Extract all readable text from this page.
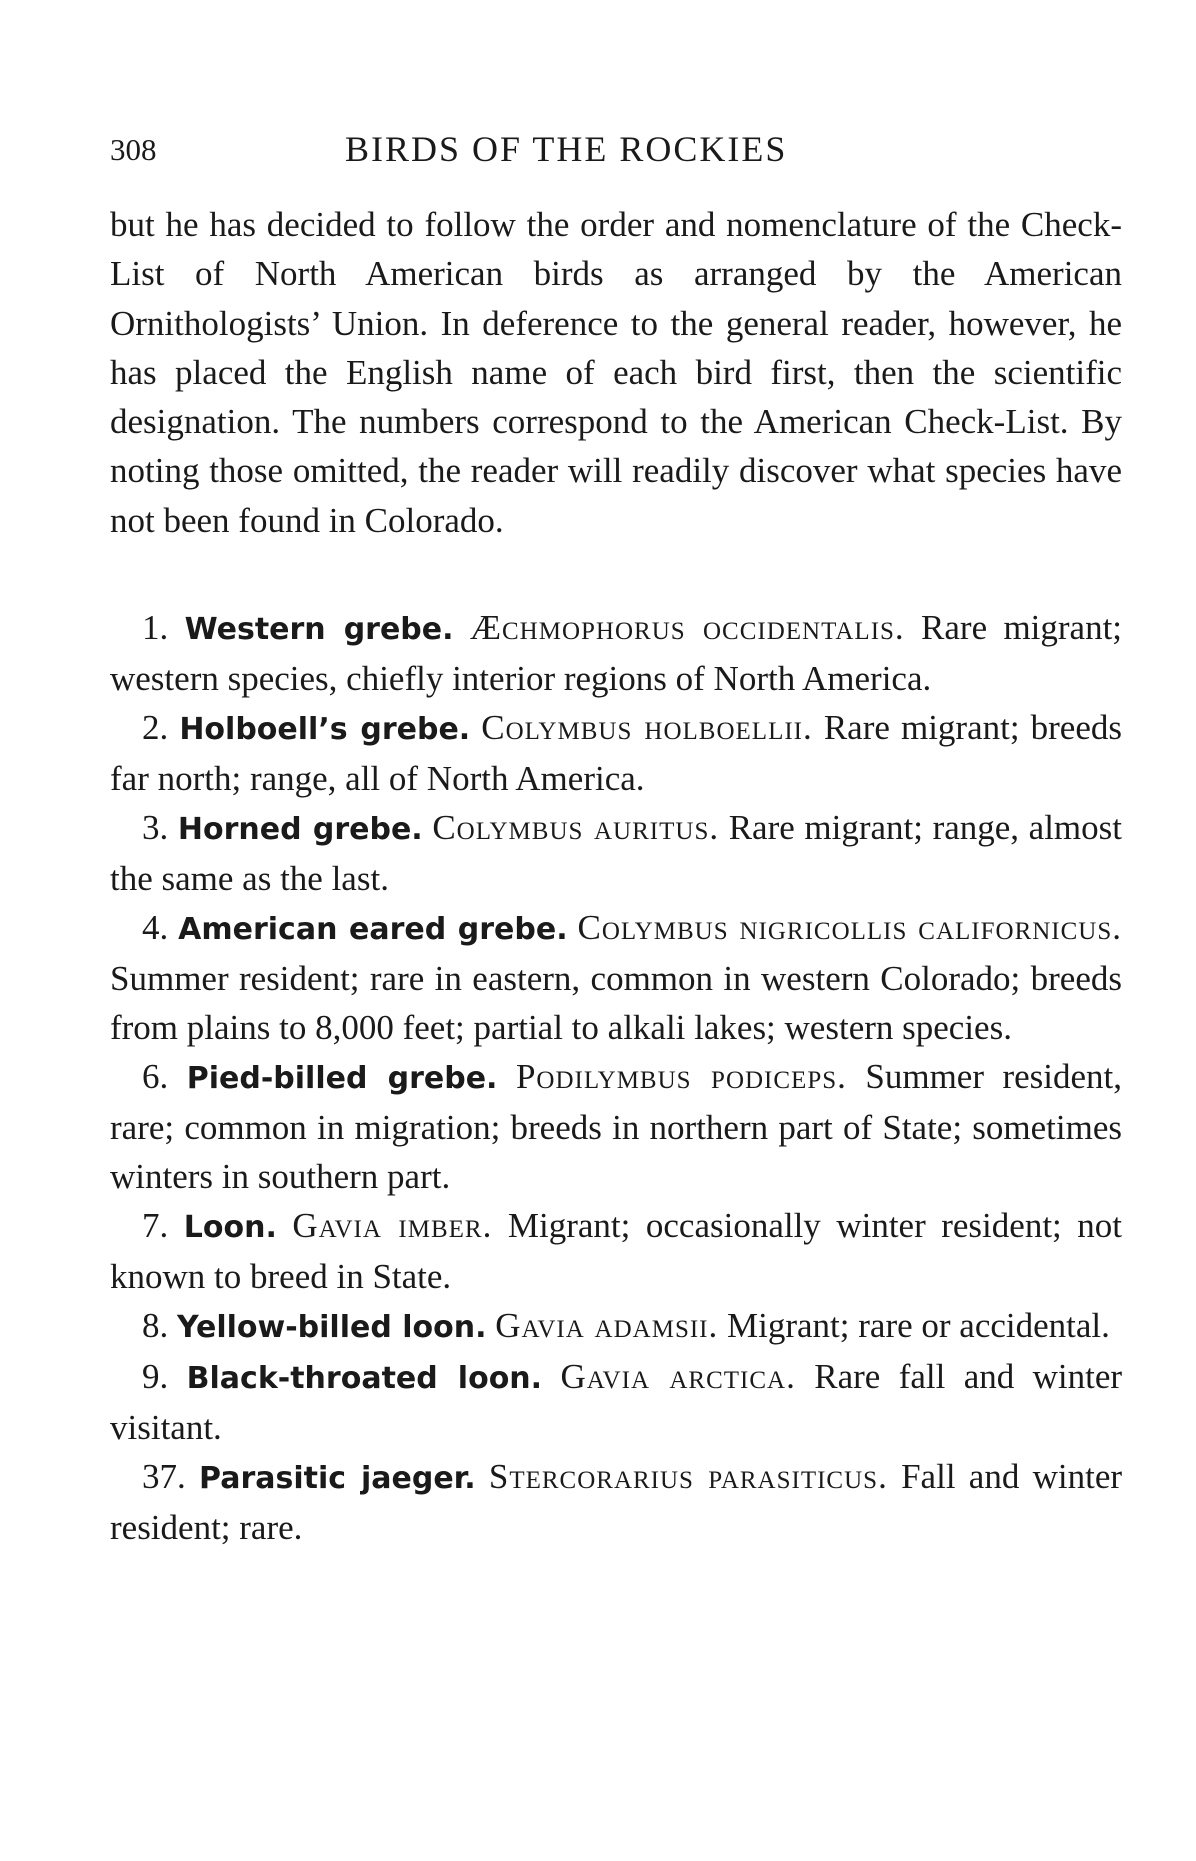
308	BIRDS OF THE ROCKIES

but he has decided to follow the order and nomenclature of the Check-List of North American birds as arranged by the American Ornithologists’ Union. In deference to the general reader, however, he has placed the English name of each bird first, then the scientific designation. The numbers correspond to the American Check-List. By noting those omitted, the reader will readily discover what species have not been found in Colorado.

1. Western grebe. Æchmophorus occidentalis. Rare migrant; western species, chiefly interior regions of North America.

2. Holboell’s grebe. Colymbus holboellii. Rare migrant; breeds far north; range, all of North America.

3. Horned grebe. Colymbus auritus. Rare migrant; range, almost the same as the last.

4. American eared grebe. Colymbus nigricollis californicus. Summer resident; rare in eastern, common in western Colorado; breeds from plains to 8,000 feet; partial to alkali lakes; western species.

6. Pied-billed grebe. Podilymbus podiceps. Summer resident, rare; common in migration; breeds in northern part of State; sometimes winters in southern part.

7. Loon. Gavia imber. Migrant; occasionally winter resident; not known to breed in State.

8. Yellow-billed loon. Gavia adamsii. Migrant; rare or accidental.

9. Black-throated loon. Gavia arctica. Rare fall and winter visitant.

37. Parasitic jaeger. Stercorarius parasiticus. Fall and winter resident; rare.
